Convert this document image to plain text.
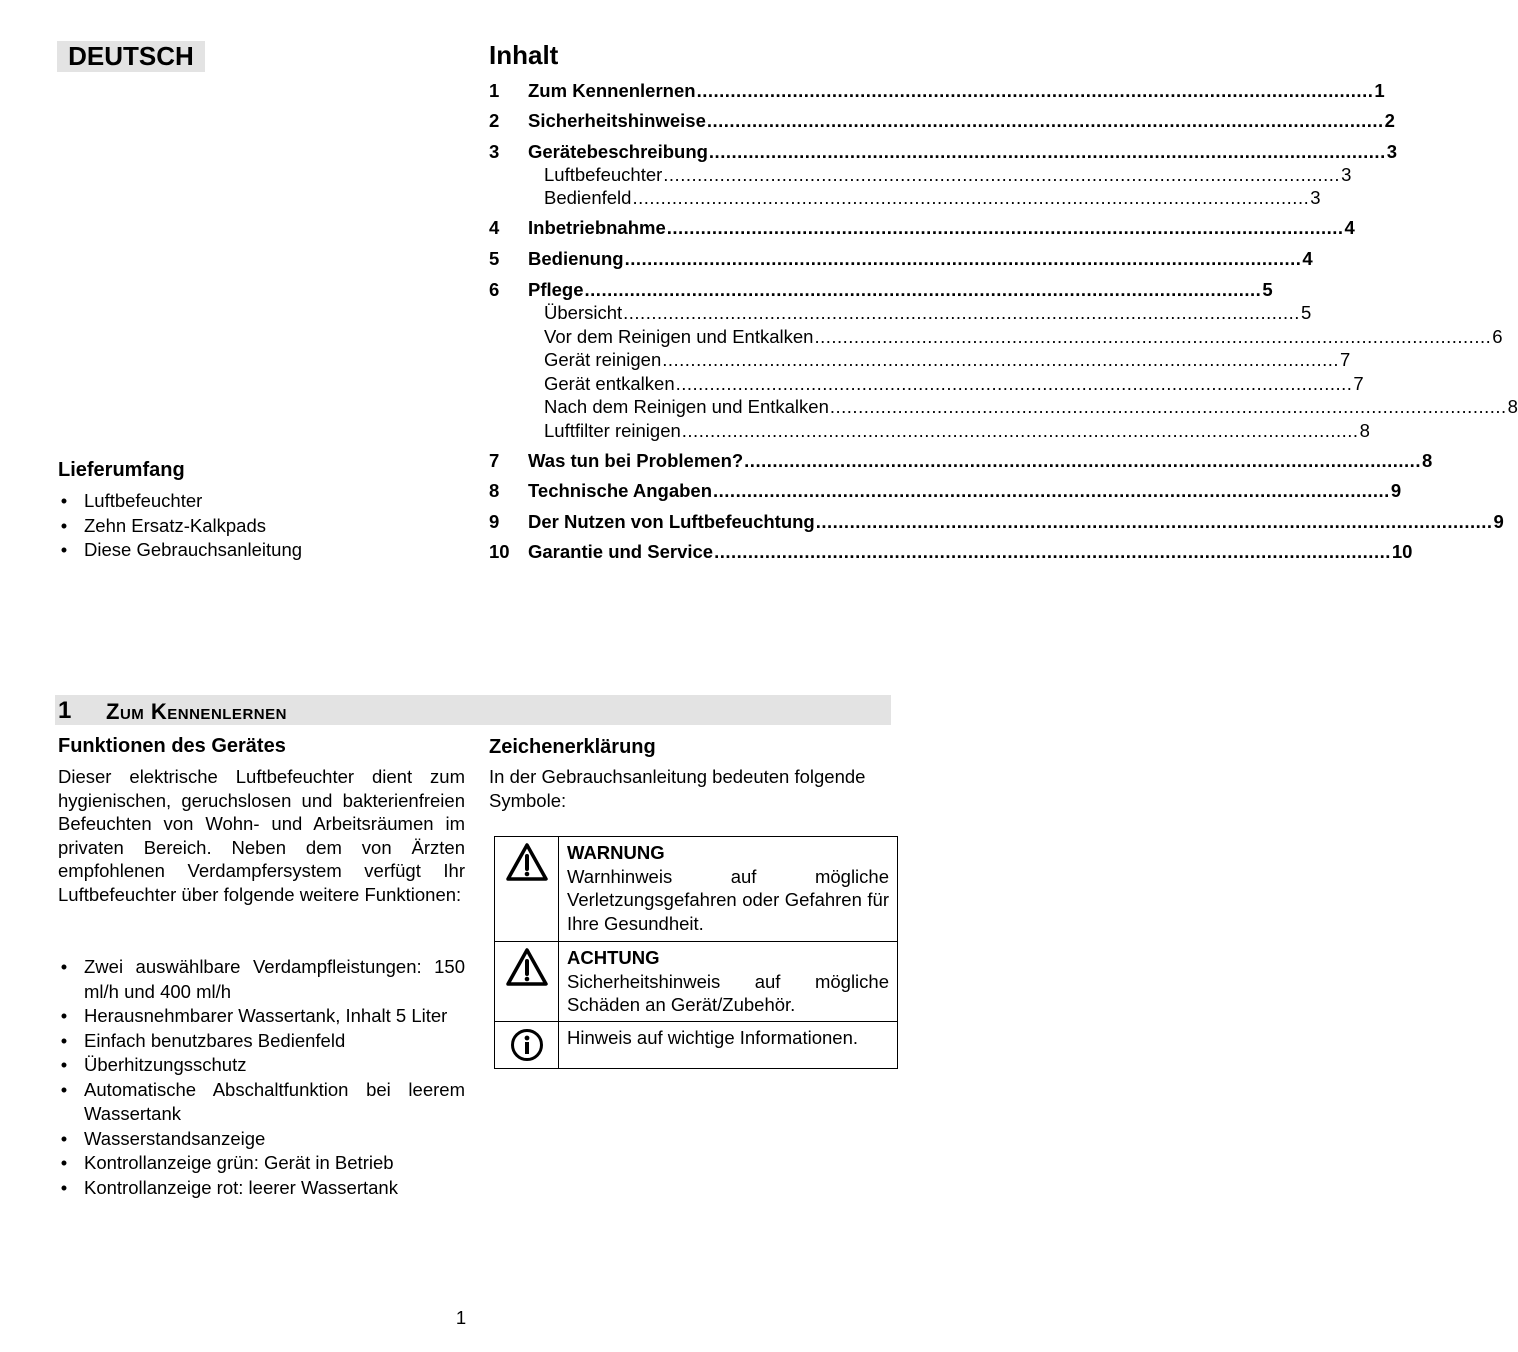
DEUTSCH	Inhalt
1	Zum Kennenlernen ........................................................................................................................ 1
2	Sicherheitshinweise ........................................................................................................................ 2
3	Gerätebeschreibung ........................................................................................................................ 3
Luftbefeuchter ........................................................................................................................ 3
Bedienfeld ........................................................................................................................ 3
4	Inbetriebnahme ........................................................................................................................ 4
5	Bedienung ........................................................................................................................ 4
6	Pflege ........................................................................................................................ 5
Übersicht ........................................................................................................................ 5
Vor dem Reinigen und Entkalken ........................................................................................................................ 6
Gerät reinigen ........................................................................................................................ 7
Gerät entkalken ........................................................................................................................ 7
Nach dem Reinigen und Entkalken ........................................................................................................................ 8
Luftfilter reinigen ........................................................................................................................ 8
7	Was tun bei Problemen? ........................................................................................................................ 8
8	Technische Angaben ........................................................................................................................ 9
9	Der Nutzen von Luftbefeuchtung ........................................................................................................................ 9
10 Garantie und Service ........................................................................................................................ 10
Lieferumfang
• Luftbefeuchter
• Zehn Ersatz-Kalkpads
• Diese Gebrauchsanleitung
1 Zum Kennenlernen
Funktionen des Gerätes

Dieser elektrische Luftbefeuchter dient zum hygienischen, geruchslosen und bakterienfreien Befeuchten von Wohn- und Arbeitsräumen im privaten Bereich. Neben dem von Ärzten empfohlenen Verdampfersystem verfügt Ihr Luftbefeuchter über folgende weitere Funktionen:

• Zwei auswählbare Verdampfleistungen: 150 ml/h und 400 ml/h
• Herausnehmbarer Wassertank, Inhalt 5 Liter
• Einfach benutzbares Bedienfeld
• Überhitzungsschutz
• Automatische Abschaltfunktion bei leerem Wassertank
• Wasserstandsanzeige
• Kontrollanzeige grün: Gerät in Betrieb
• Kontrollanzeige rot: leerer Wassertank
Zeichenerklärung

In der Gebrauchsanleitung bedeuten folgende Symbole:

WARNUNG
Warnhinweis auf mögliche Verletzungsgefahren oder Gefahren für Ihre Gesundheit.

ACHTUNG
Sicherheitshinweis auf mögliche Schäden an Gerät/Zubehör.

Hinweis auf wichtige Informationen.
1
